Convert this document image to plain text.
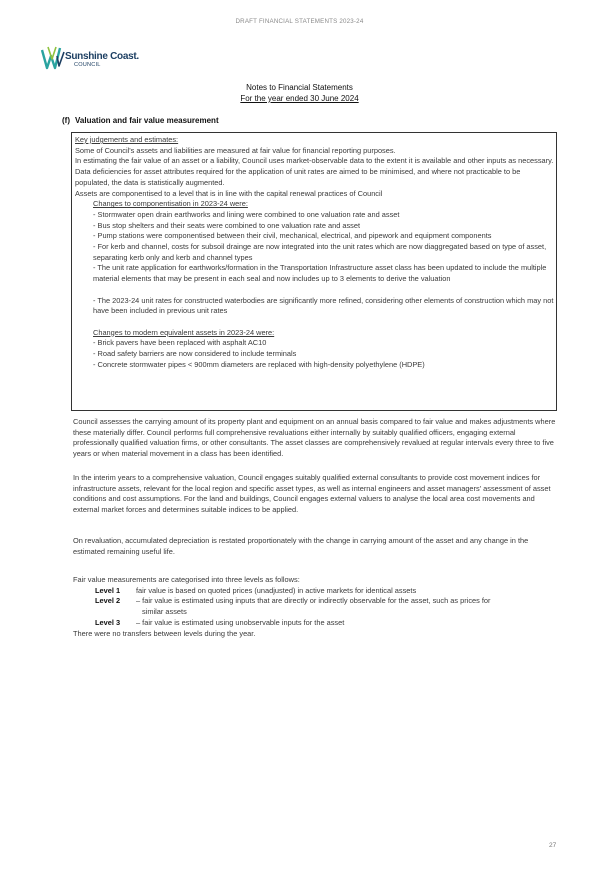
DRAFT FINANCIAL STATEMENTS 2023-24
Sunshine Coast.
COUNCIL
Notes to Financial Statements
For the year ended 30 June 2024
(f) Valuation and fair value measurement
Key judgements and estimates:
Some of Council's assets and liabilities are measured at fair value for financial reporting purposes.
In estimating the fair value of an asset or a liability, Council uses market-observable data to the extent it is available and other inputs as necessary.
Data deficiencies for asset attributes required for the application of unit rates are aimed to be minimised, and where not practicable to be populated, the data is statistically augmented.
Assets are componentised to a level that is in line with the capital renewal practices of Council
Changes to componentisation in 2023-24 were:
- Stormwater open drain earthworks and lining were combined to one valuation rate and asset
- Bus stop shelters and their seats were combined to one valuation rate and asset
- Pump stations were componentised between their civil, mechanical, electrical, and pipework and equipment components
- For kerb and channel, costs for subsoil drainge are now integrated into the unit rates which are now diaggregated based on type of asset, separating kerb only and kerb and channel types
- The unit rate application for earthworks/formation in the Transportation Infrastructure asset class has been updated to include the multiple material elements that may be present in each seal and now includes up to 3 elements to derive the valuation
- The 2023-24 unit rates for constructed waterbodies are significantly more refined, considering other elements of construction which may not have been included in previous unit rates
Changes to modern equivalent assets in 2023-24 were:
- Brick pavers have been replaced with asphalt AC10
- Road safety barriers are now considered to include terminals
- Concrete stormwater pipes < 900mm diameters are replaced with high-density polyethylene (HDPE)
Council assesses the carrying amount of its property plant and equipment on an annual basis compared to fair value and makes adjustments where these materially differ. Council performs full comprehensive revaluations either internally by suitably qualified officers, engaging external professionally qualified valuation firms, or other consultants. The asset classes are comprehensively revalued at regular intervals every three to five years or when material movement in a class has been identified.
In the interim years to a comprehensive valuation, Council engages suitably qualified external consultants to provide cost movement indices for infrastructure assets, relevant for the local region and specific asset types, as well as internal engineers and asset managers' assessment of asset conditions and cost assumptions. For the land and buildings, Council engages external valuers to analyse the local area cost movements and external market forces and determines suitable indices to be applied.
On revaluation, accumulated depreciation is restated proportionately with the change in carrying amount of the asset and any change in the estimated remaining useful life.
Fair value measurements are categorised into three levels as follows:
Level 1	fair value is based on quoted prices (unadjusted) in active markets for identical assets
Level 2	– fair value is estimated using inputs that are directly or indirectly observable for the asset, such as prices for
similar assets
Level 3	– fair value is estimated using unobservable inputs for the asset
There were no transfers between levels during the year.
27
